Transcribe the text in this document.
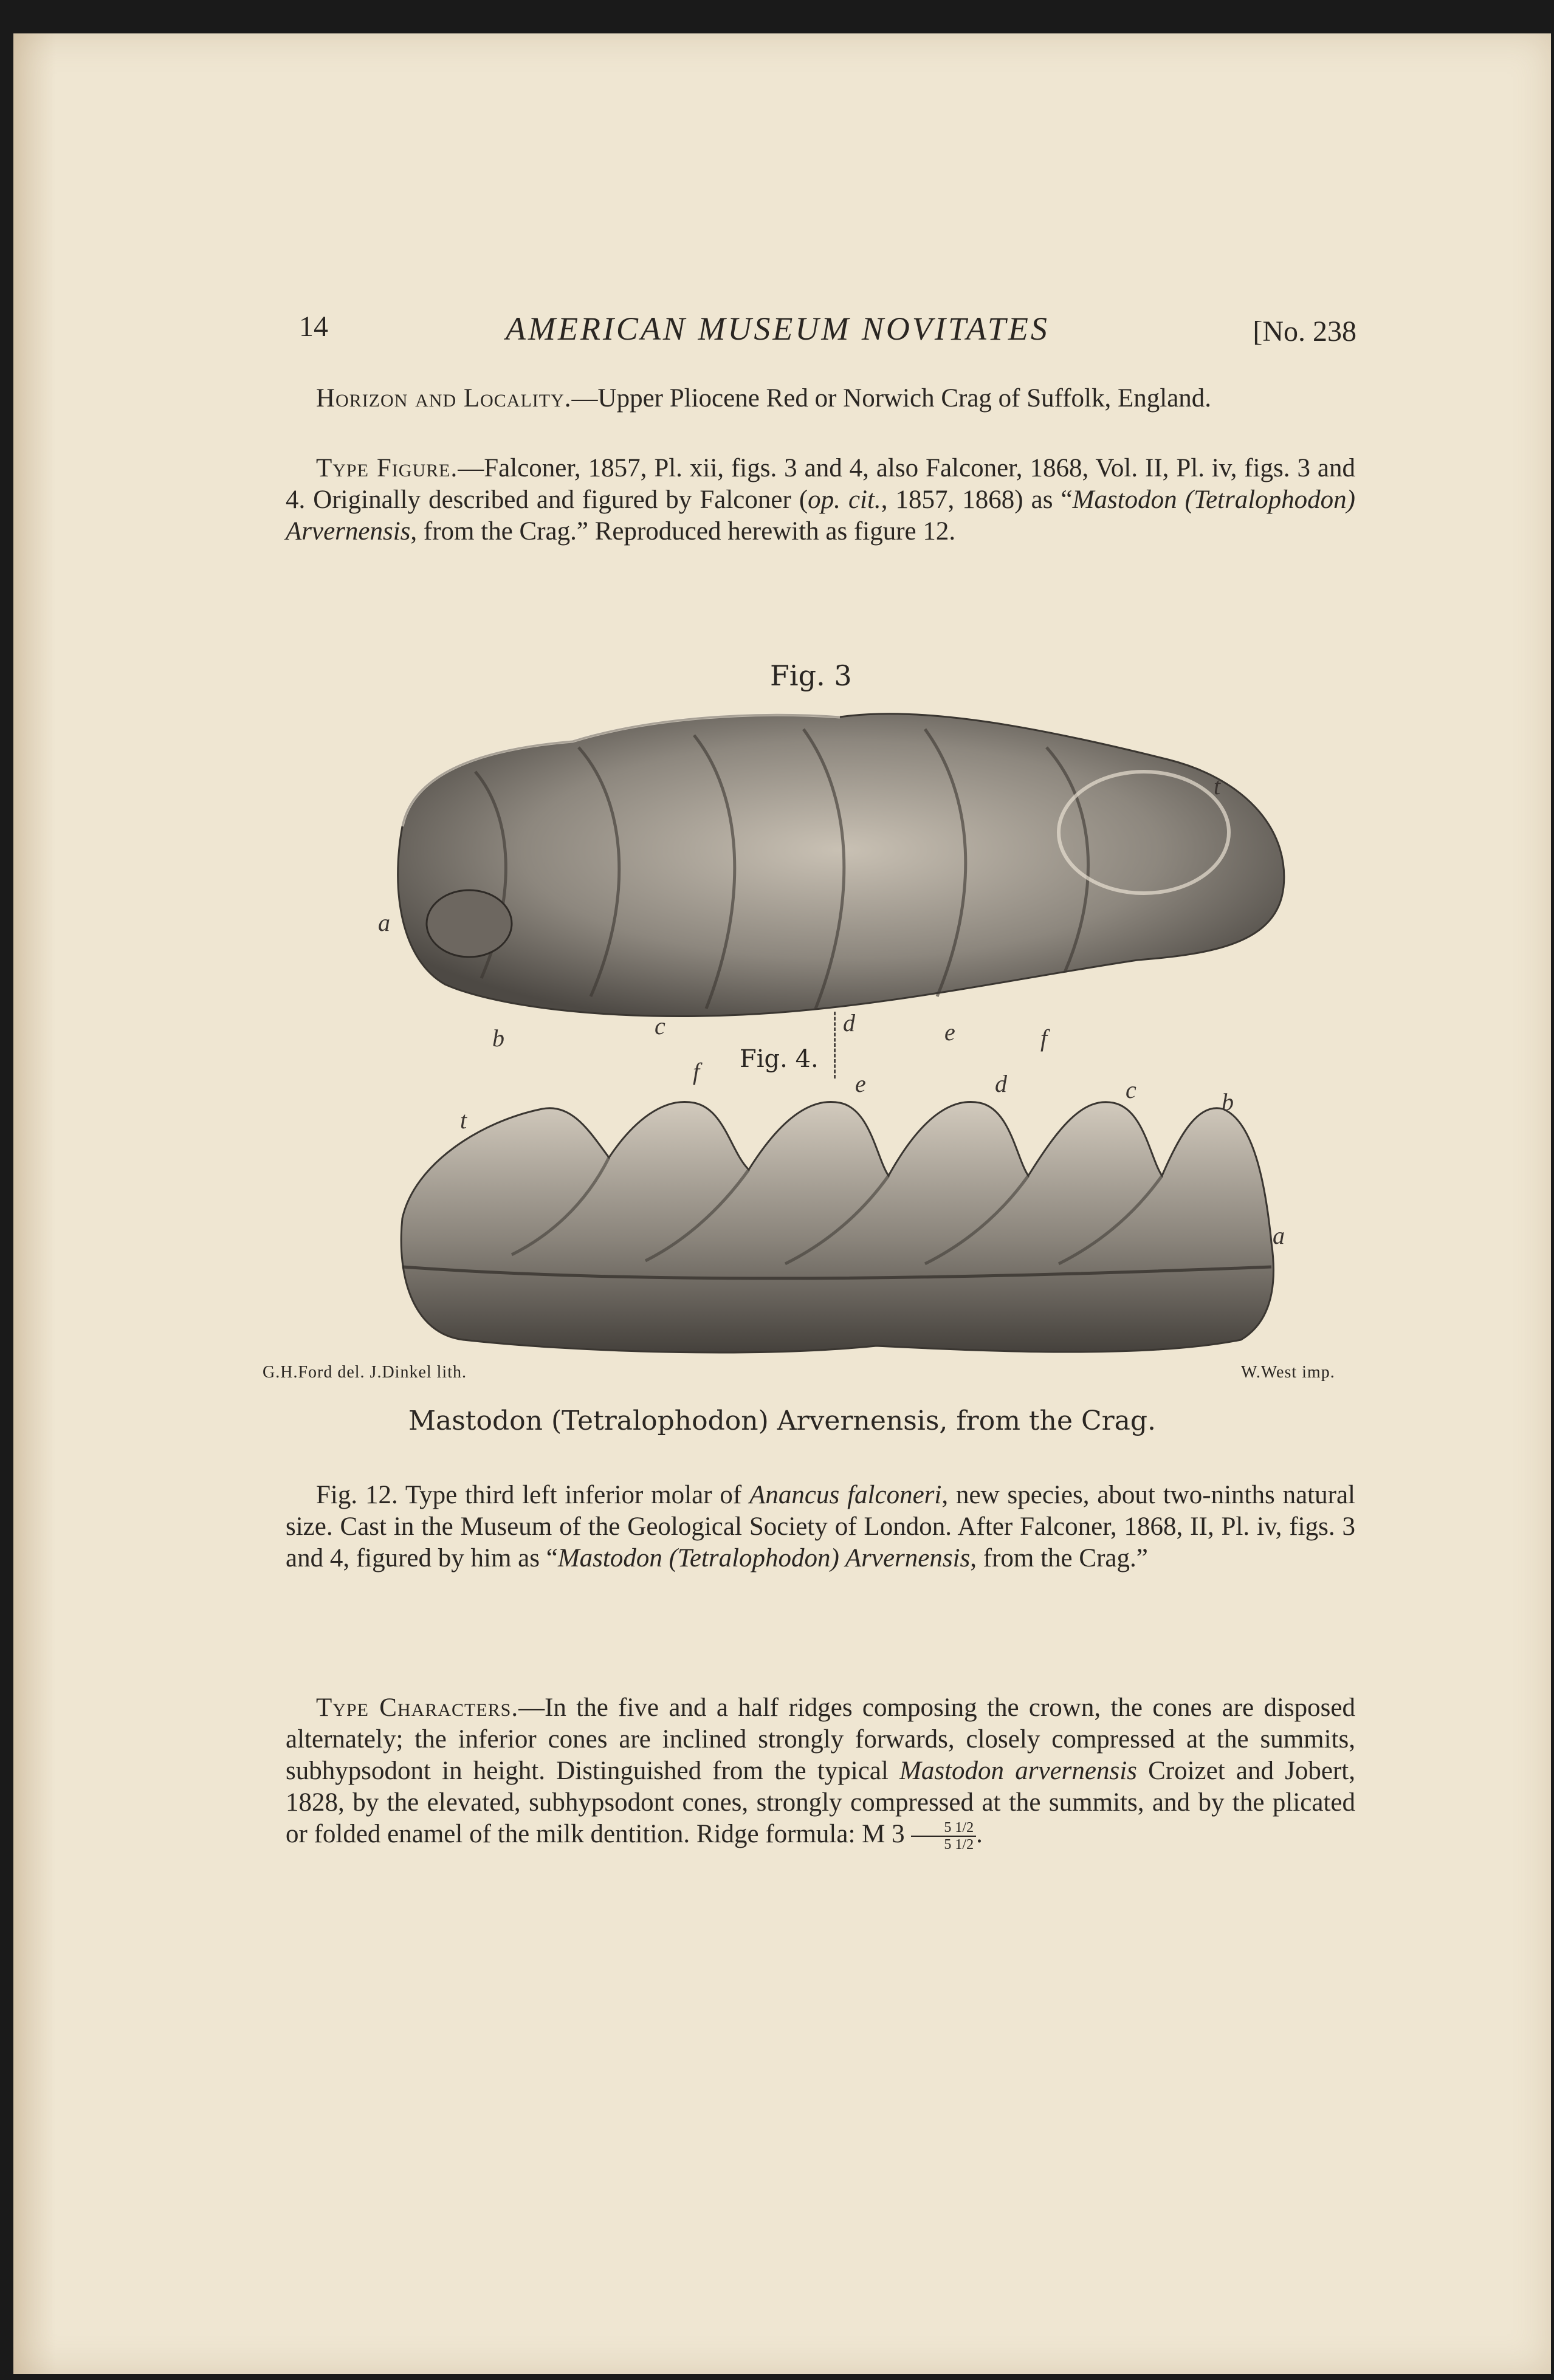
14	AMERICAN MUSEUM NOVITATES	[No. 238

Horizon and Locality.—Upper Pliocene Red or Norwich Crag of Suffolk, England.

Type Figure.—Falconer, 1857, Pl. xii, figs. 3 and 4, also Falconer, 1868, Vol. II, Pl. iv, figs. 3 and 4. Originally described and figured by Falconer (op. cit., 1857, 1868) as “Mastodon (Tetralophodon) Arvernensis, from the Crag.” Reproduced herewith as figure 12.

Fig. 3
a
b	c	d	e	f
t
Fig. 4.
t
f	e	d	c	b
a
G.H.Ford del. J.Dinkel lith.	W.West imp.
Mastodon (Tetralophodon) Arvernensis, from the Crag.

Fig. 12. Type third left inferior molar of Anancus falconeri, new species, about two-ninths natural size. Cast in the Museum of the Geological Society of London. After Falconer, 1868, II, Pl. iv, figs. 3 and 4, figured by him as “Mastodon (Tetralophodon) Arvernensis, from the Crag.”

Type Characters.—In the five and a half ridges composing the crown, the cones are disposed alternately; the inferior cones are inclined strongly forwards, closely compressed at the summits, subhypsodont in height. Distinguished from the typical Mastodon arvernensis Croizet and Jobert, 1828, by the elevated, subhypsodont cones, strongly compressed at the summits, and by the plicated or folded enamel of the milk dentition. Ridge formula: M $3 \frac{5 1/2}{5 1/2}$ .
